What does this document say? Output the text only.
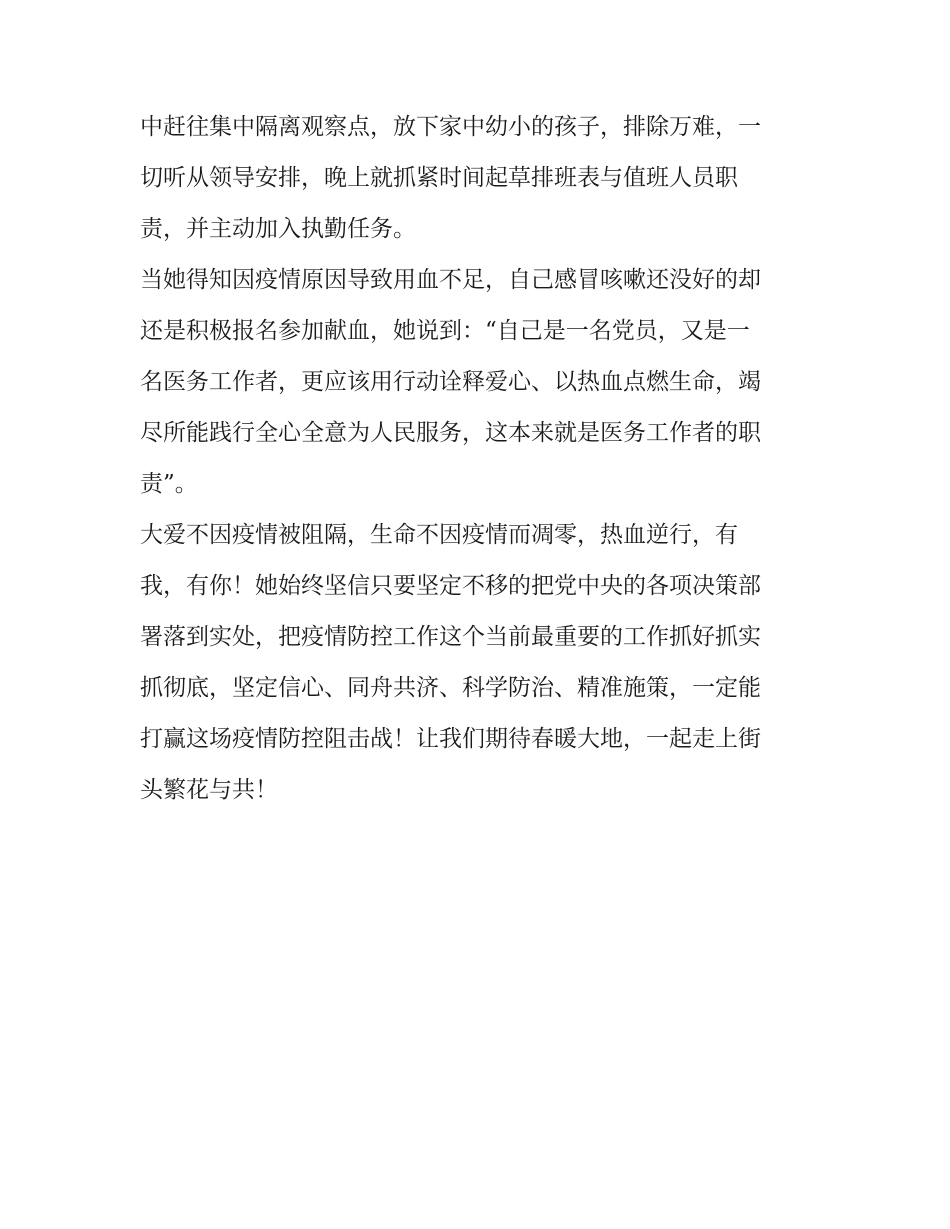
中赶往集中隔离观察点，放下家中幼小的孩子，排除万难，一
切听从领导安排，晚上就抓紧时间起草排班表与值班人员职
责，并主动加入执勤任务。
当她得知因疫情原因导致用血不足，自己感冒咳嗽还没好的却
还是积极报名参加献血，她说到：“自己是一名党员，又是一
名医务工作者，更应该用行动诠释爱心、以热血点燃生命，竭
尽所能践行全心全意为人民服务，这本来就是医务工作者的职
责”。
大爱不因疫情被阻隔，生命不因疫情而凋零，热血逆行，有
我，有你！她始终坚信只要坚定不移的把党中央的各项决策部
署落到实处，把疫情防控工作这个当前最重要的工作抓好抓实
抓彻底，坚定信心、同舟共济、科学防治、精准施策，一定能
打赢这场疫情防控阻击战！让我们期待春暖大地，一起走上街
头繁花与共！
